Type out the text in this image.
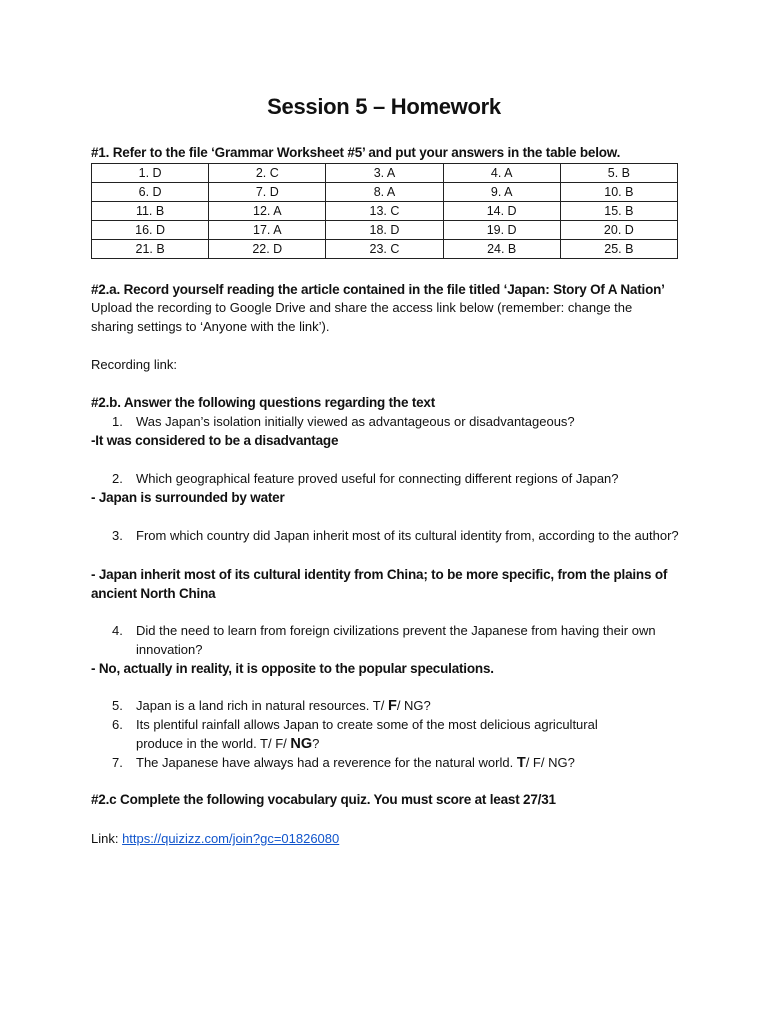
Session 5 – Homework
#1. Refer to the file ‘Grammar Worksheet #5’ and put your answers in the table below.
1. D	2. C	3. A	4. A	5. B
6. D	7. D	8. A	9. A	10. B
11. B	12. A	13. C	14. D	15. B
16. D	17. A	18. D	19. D	20. D
21. B	22. D	23. C	24. B	25. B
#2.a. Record yourself reading the article contained in the file titled ‘Japan: Story Of A Nation’
Upload the recording to Google Drive and share the access link below (remember: change the
sharing settings to ‘Anyone with the link’).
Recording link:
#2.b. Answer the following questions regarding the text
1. Was Japan’s isolation initially viewed as advantageous or disadvantageous?
-It was considered to be a disadvantage
2. Which geographical feature proved useful for connecting different regions of Japan?
- Japan is surrounded by water
3. From which country did Japan inherit most of its cultural identity from, according to the author?
- Japan inherit most of its cultural identity from China; to be more specific, from the plains of ancient North China
4. Did the need to learn from foreign civilizations prevent the Japanese from having their own innovation?
- No, actually in reality, it is opposite to the popular speculations.
5. Japan is a land rich in natural resources. T/ F/ NG?
6. Its plentiful rainfall allows Japan to create some of the most delicious agricultural
produce in the world. T/ F/ NG?
7. The Japanese have always had a reverence for the natural world. T/ F/ NG?
#2.c Complete the following vocabulary quiz. You must score at least 27/31
Link: https://quizizz.com/join?gc=01826080
